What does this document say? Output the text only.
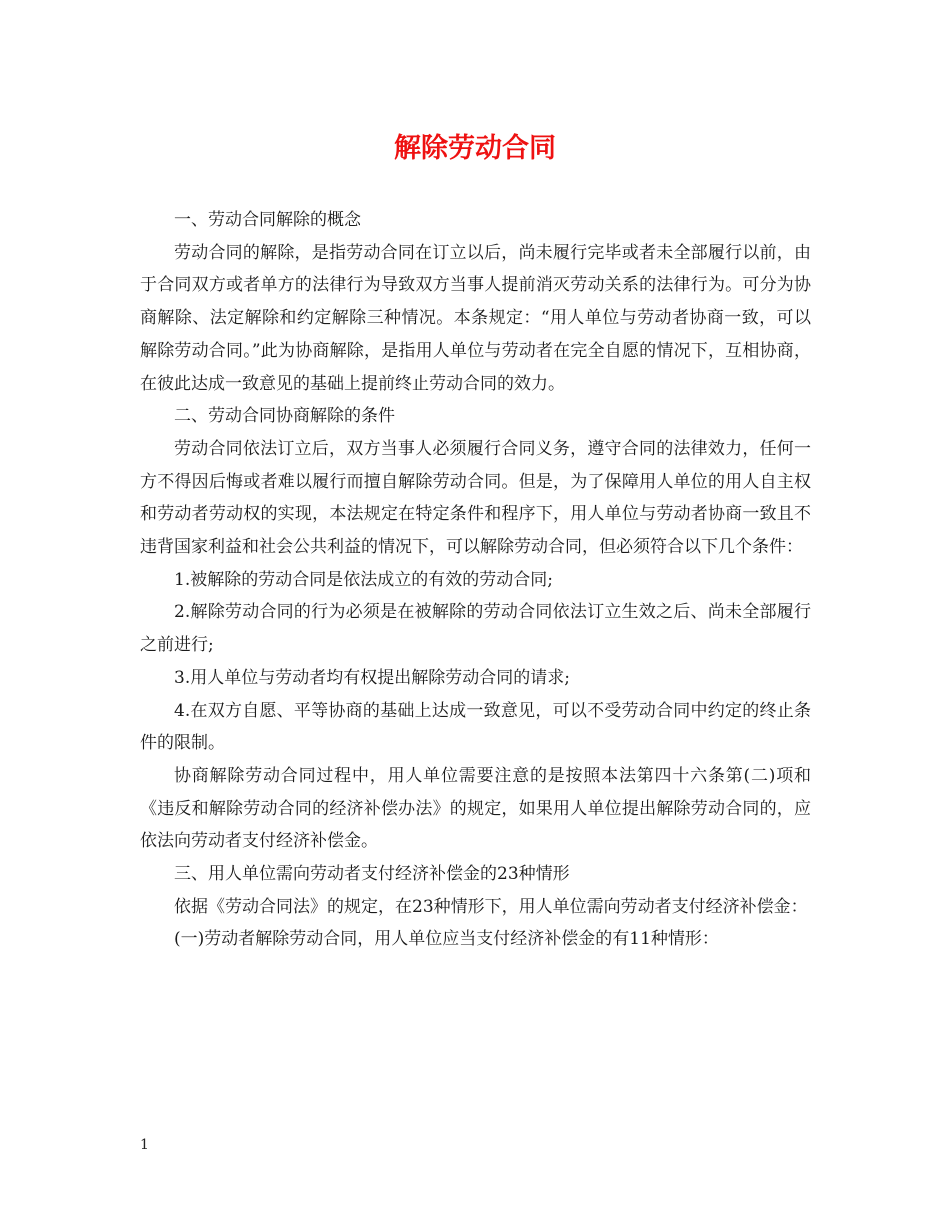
解除劳动合同

一、劳动合同解除的概念

劳动合同的解除，是指劳动合同在订立以后，尚未履行完毕或者未全部履行以前，由于合同双方或者单方的法律行为导致双方当事人提前消灭劳动关系的法律行为。可分为协商解除、法定解除和约定解除三种情况。本条规定：“用人单位与劳动者协商一致，可以解除劳动合同。”此为协商解除，是指用人单位与劳动者在完全自愿的情况下，互相协商，在彼此达成一致意见的基础上提前终止劳动合同的效力。

二、劳动合同协商解除的条件

劳动合同依法订立后，双方当事人必须履行合同义务，遵守合同的法律效力，任何一方不得因后悔或者难以履行而擅自解除劳动合同。但是，为了保障用人单位的用人自主权和劳动者劳动权的实现，本法规定在特定条件和程序下，用人单位与劳动者协商一致且不违背国家利益和社会公共利益的情况下，可以解除劳动合同，但必须符合以下几个条件：

1.被解除的劳动合同是依法成立的有效的劳动合同;

2.解除劳动合同的行为必须是在被解除的劳动合同依法订立生效之后、尚未全部履行之前进行;

3.用人单位与劳动者均有权提出解除劳动合同的请求;

4.在双方自愿、平等协商的基础上达成一致意见，可以不受劳动合同中约定的终止条件的限制。

协商解除劳动合同过程中，用人单位需要注意的是按照本法第四十六条第(二)项和《违反和解除劳动合同的经济补偿办法》的规定，如果用人单位提出解除劳动合同的，应依法向劳动者支付经济补偿金。

三、用人单位需向劳动者支付经济补偿金的23种情形

依据《劳动合同法》的规定，在23种情形下，用人单位需向劳动者支付经济补偿金：

(一)劳动者解除劳动合同，用人单位应当支付经济补偿金的有11种情形：

1
